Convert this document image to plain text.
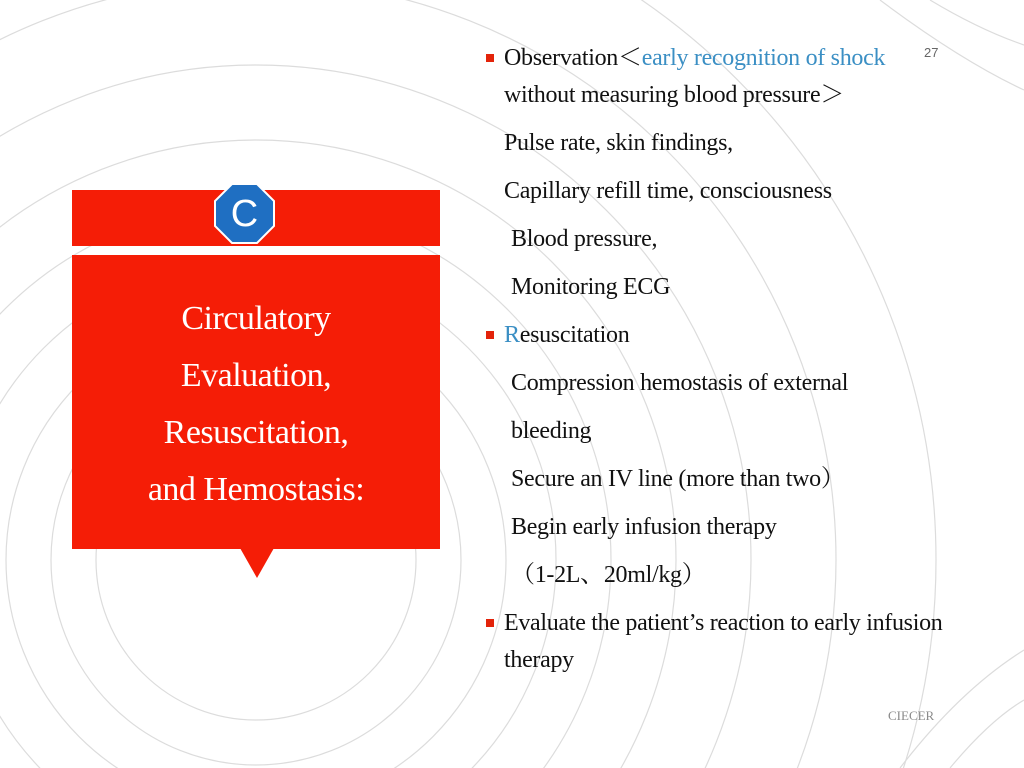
C
Circulatory
Evaluation,
Resuscitation,
and Hemostasis:
Observation＜early recognition of shock without measuring blood pressure＞
Pulse rate, skin findings,
Capillary refill time, consciousness
Blood pressure,
Monitoring ECG
Resuscitation
Compression hemostasis of external
bleeding
Secure an IV line (more than two）
Begin early infusion therapy
（1-2L、20ml/kg）
Evaluate the patient’s reaction to early infusion therapy
27
CIECER
